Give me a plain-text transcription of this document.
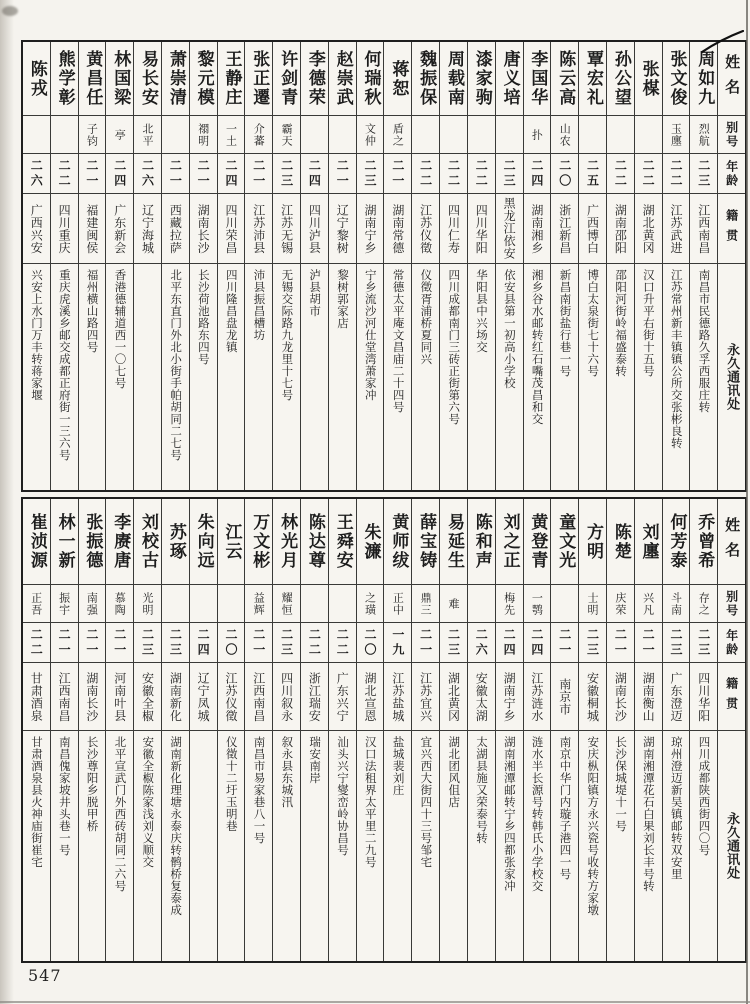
姓名
别号
年龄
籍贯
永久通讯处
周如九
烈航
二三
江西南昌
南昌市民德路久孚西服庄转
张文俊
玉廛
二二
江苏武进
江苏常州新丰镇镇公所交张彬良转
张楳
二二
湖北黄冈
汉口升平右街十五号
孙公望
二二
湖南邵阳
邵阳河街岭福盛泰转
覃宏礼
二五
广西博白
博白太泉街七十六号
陈云高
山农
二〇
浙江新昌
新昌南街盐行巷一号
李国华
扑
二四
湖南湘乡
湘乡谷水邮转红石嘴茂昌和交
唐义培
二三
黑龙江依安
依安县第一初高小学校
漆家驹
二二
四川华阳
华阳县中兴场交
周载南
二二
四川仁寿
四川成都南门三砖正街第六号
魏振保
二二
江苏仪徵
仪徵胥浦桥夏同兴
蒋恕
盾之
二一
湖南常德
常德太平庵文昌庙二十四号
何瑞秋
文仲
二三
湖南宁乡
宁乡流沙河仕堂湾萧家冲
赵崇武
二一
辽宁黎树
黎树郭家店
李德荣
二四
四川泸县
泸县胡市
许剑青
霸天
二三
江苏无锡
无锡交际路九龙里十七号
张正遷
介蕃
二一
江苏沛县
沛县振昌槽坊
王静庄
一土
二四
四川荣昌
四川隆昌盘龙镇
黎元模
禤明
二一
湖南长沙
长沙荷池路东四号
萧崇清
二一
西藏拉萨
北平东直门外北小街手帕胡同二七号
易长安
北平
二六
辽宁海城
林国梁
亭
二四
广东新会
香港德辅道西一〇七号
黄昌任
子钧
二一
福建闽侯
福州横山路四号
熊学彰
二二
四川重庆
重庆虎溪乡邮交成都正府街一三六号
陈戎
二六
广西兴安
兴安上水门万丰转蒋家堰
姓名
别号
年龄
籍贯
永久通讯处
乔曾希
存之
二三
四川华阳
四川成都陕西街四〇号
何芳泰
斗南
二三
广东澄迈
琼州澄迈新吴镇邮转双安里
刘廛
兴凡
二一
湖南衡山
湖南湘潭花石白果刘长丰号转
陈楚
庆荣
二一
湖南长沙
长沙保城堤十一号
方明
士明
二三
安徽桐城
安庆枞阳镇方永兴瓷号收转方家墩
童文光
二一
南京市
南京中华门内璇子港四一号
黄登青
一鹗
二四
江苏涟水
涟水半长源号转韩氏小学校交
刘之正
梅先
二四
湖南宁乡
湖南湘潭邮转宁乡四都张家冲
陈和声
二六
安徽太湖
太湖县施又荣泰号转
易延生
难
二三
湖北黄冈
湖北团风伹店
薛宝铸
鼎三
二一
江苏宜兴
宜兴西大街四十三号邹宅
黄师绂
正中
一九
江苏盐城
盐城裴刘庄
朱濂
之璜
二〇
湖北宣恩
汉口法租界太平里二九号
王舜安
二二
广东兴宁
汕头兴宁燮峦岭协昌号
陈达尊
二二
浙江瑞安
瑞安南岸
林光月
耀恒
二三
四川叙永
叙永县东城汛
万文彬
益辉
二一
江西南昌
南昌市易家巷八一号
江云
二〇
江苏仪徵
仪徵十二圩玉明巷
朱向远
二四
辽宁凤城
苏琢
二三
湖南新化
湖南新化理塘永泰庆转鹘桥复泰成
刘校古
光明
二三
安徽全椒
安徽全椒陈家浅刘义顺交
李赓唐
慕陶
二一
河南叶县
北平宣武门外西砖胡同二六号
张振德
南强
二一
湖南长沙
长沙尊阳乡脱甲桥
林一新
振宇
二一
江西南昌
南昌傀家坡井头巷一号
崔浈源
正吾
二二
甘肃酒泉
甘肃酒泉县火神庙街崔宅
547
